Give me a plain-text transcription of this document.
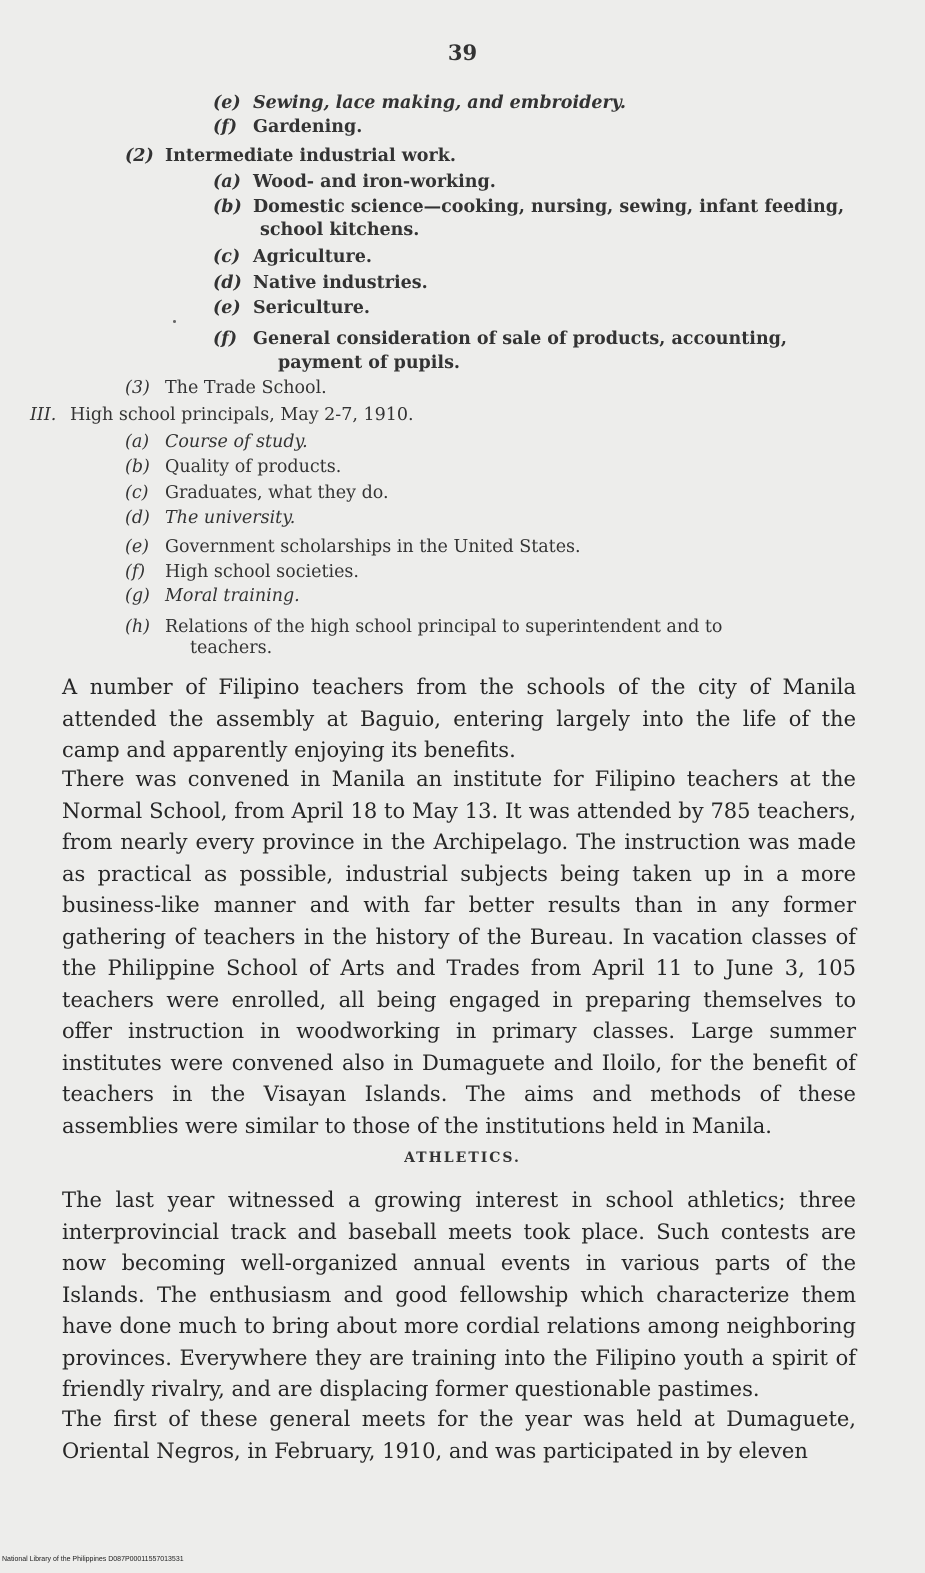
39
(e) Sewing, lace making, and embroidery.
(f) Gardening.
(2) Intermediate industrial work.
(a) Wood- and iron-working.
(b) Domestic science—cooking, nursing, sewing, infant feeding,
school kitchens.
(c) Agriculture.
(d) Native industries.
(e) Sericulture.
(f) General consideration of sale of products, accounting,
payment of pupils.
(3) The Trade School.
III. High school principals, May 2-7, 1910.
(a) Course of study.
(b) Quality of products.
(c) Graduates, what they do.
(d) The university.
(e) Government scholarships in the United States.
(f) High school societies.
(g) Moral training.
(h) Relations of the high school principal to superintendent and to
teachers.

A number of Filipino teachers from the schools of the city of Manila attended the assembly at Baguio, entering largely into the life of the camp and apparently enjoying its benefits.

There was convened in Manila an institute for Filipino teachers at the Normal School, from April 18 to May 13. It was attended by 785 teachers, from nearly every province in the Archipelago. The instruction was made as practical as possible, industrial subjects being taken up in a more business-like manner and with far better results than in any former gathering of teachers in the history of the Bureau. In vacation classes of the Philippine School of Arts and Trades from April 11 to June 3, 105 teachers were enrolled, all being engaged in preparing themselves to offer instruction in woodworking in primary classes. Large summer institutes were convened also in Dumaguete and Iloilo, for the benefit of teachers in the Visayan Islands. The aims and methods of these assemblies were similar to those of the institutions held in Manila.

ATHLETICS.

The last year witnessed a growing interest in school athletics; three interprovincial track and baseball meets took place. Such contests are now becoming well-organized annual events in various parts of the Islands. The enthusiasm and good fellowship which characterize them have done much to bring about more cordial relations among neighboring provinces. Everywhere they are training into the Filipino youth a spirit of friendly rivalry, and are displacing former questionable pastimes.

The first of these general meets for the year was held at Dumaguete, Oriental Negros, in February, 1910, and was participated in by eleven

National Library of the Philippines D087P00011557013531
